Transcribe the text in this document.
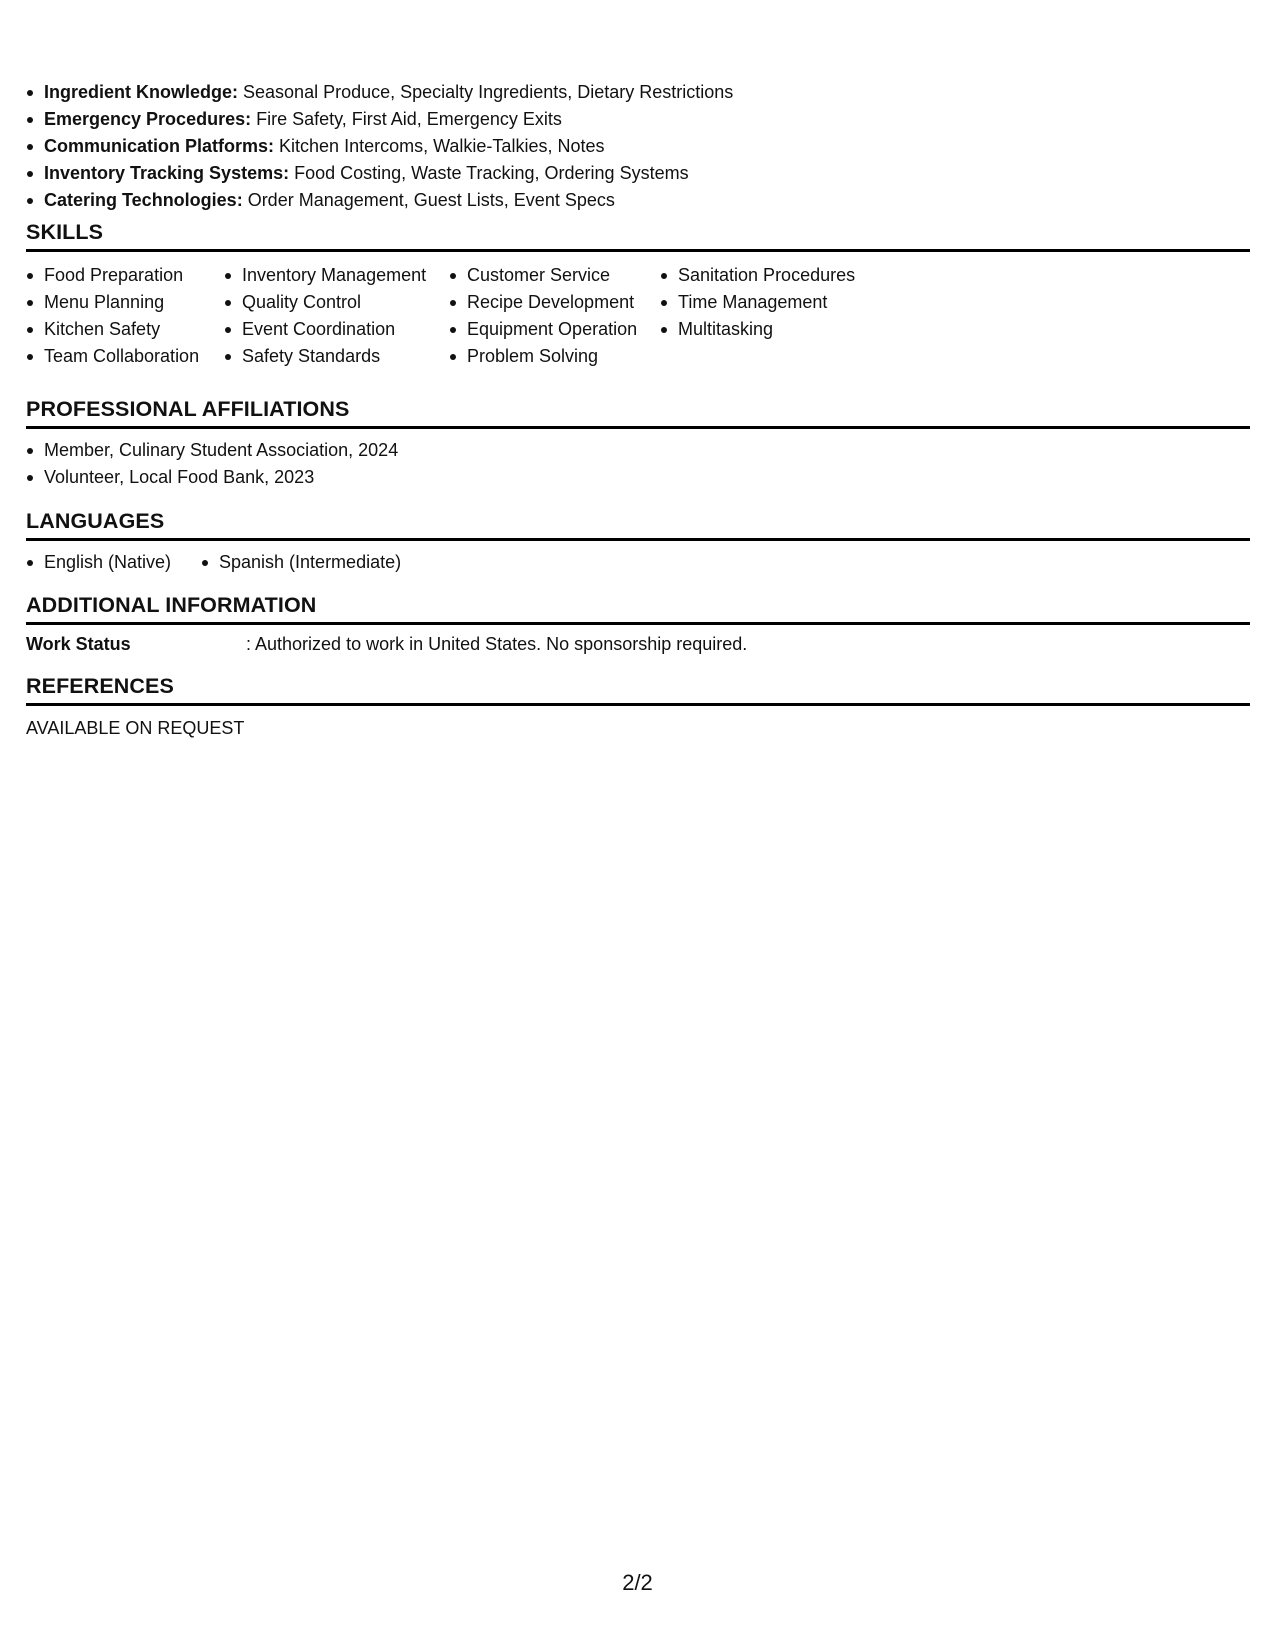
Ingredient Knowledge: Seasonal Produce, Specialty Ingredients, Dietary Restrictions
Emergency Procedures: Fire Safety, First Aid, Emergency Exits
Communication Platforms: Kitchen Intercoms, Walkie-Talkies, Notes
Inventory Tracking Systems: Food Costing, Waste Tracking, Ordering Systems
Catering Technologies: Order Management, Guest Lists, Event Specs
SKILLS
Food Preparation
Menu Planning
Kitchen Safety
Team Collaboration
Inventory Management
Quality Control
Event Coordination
Safety Standards
Customer Service
Recipe Development
Equipment Operation
Problem Solving
Sanitation Procedures
Time Management
Multitasking
PROFESSIONAL AFFILIATIONS
Member, Culinary Student Association, 2024
Volunteer, Local Food Bank, 2023
LANGUAGES
English (Native)	Spanish (Intermediate)
ADDITIONAL INFORMATION
Work Status	: Authorized to work in United States. No sponsorship required.
REFERENCES
AVAILABLE ON REQUEST
2/2
